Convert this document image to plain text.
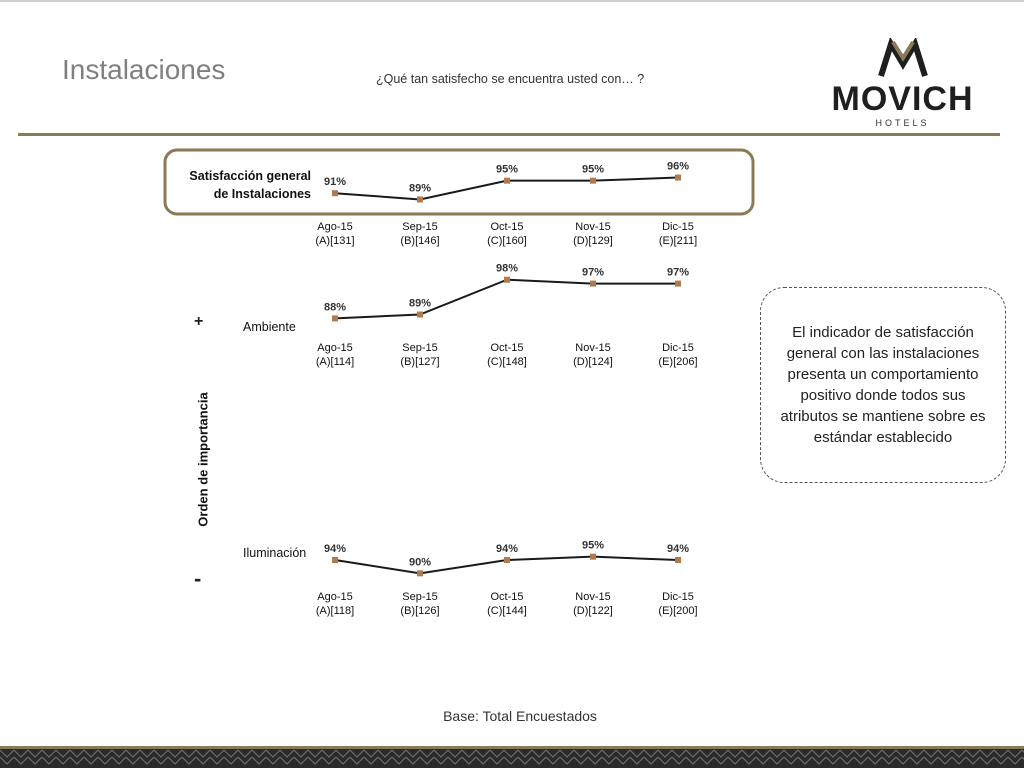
Instalaciones	¿Qué tan satisfecho se encuentra usted con… ?
MOVICH
HOTELS
91%
89%
95%	95%	96%
88%	89%
98%	97%	97%
94%
90%
94%	95%	94%
Satisfacción general
de Instalaciones
Ambiente
Iluminación
Ago-15
(A)[131]
Sep-15
(B)[146]
Oct-15
(C)[160]
Nov-15
(D)[129]
Dic-15
(E)[211]
Ago-15
(A)[114]
Sep-15
(B)[127]
Oct-15
(C)[148]
Nov-15
(D)[124]
Dic-15
(E)[206]
Ago-15
(A)[118]
Sep-15
(B)[126]
Oct-15
(C)[144]
Nov-15
(D)[122]
Dic-15
(E)[200]
+
Orden de importancia
-
El indicador de satisfacción general con las instalaciones presenta un comportamiento positivo donde todos sus atributos se mantiene sobre es estándar establecido
Base: Total Encuestados
